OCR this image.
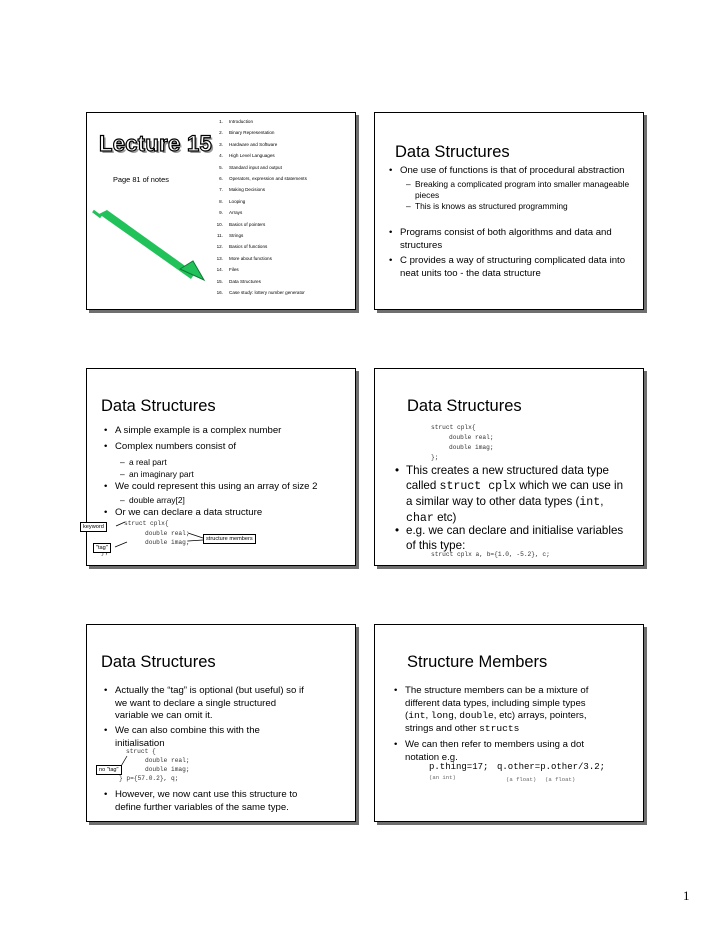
Lecture 15
Page 81 of notes
1. Introduction
2. Binary Representation
3. Hardware and Software
4. High Level Languages
5. Standard input and output
6. Operators, expression and statements
7. Making Decisions
8. Looping
9. Arrays
10. Basics of pointers
11. Strings
12. Basics of functions
13. More about functions
14. Files
15. Data Structures
16. Case study: lottery number generator
Data Structures
• One use of functions is that of procedural abstraction
– Breaking a complicated program into smaller manageable
pieces
– This is knows as structured programming
• Programs consist of both algorithms and data and
structures
• C provides a way of structuring complicated data into
neat units too - the data structure
Data Structures
• A simple example is a complex number
• Complex numbers consist of
– a real part
– an imaginary part
• We could represent this using an array of size 2
– double array[2]
• Or we can declare a data structure
struct cplx{
double real;
double imag;
keyword
structure members
"tag"
Data Structures
struct cplx{
double real;
double imag;
};
• This creates a new structured data type
called struct cplx which we can use in
a similar way to other data types (int,
char etc)
• e.g. we can declare and initialise variables
of this type:
struct cplx a, b={1.0, -5.2}, c;
Data Structures
• Actually the “tag” is optional (but useful) so if
we want to declare a single structured
variable we can omit it.
• We can also combine this with the
initialisation
struct {
double real;
double imag;
} p={57.0.2}, q;
no "tag"
• However, we now cant use this structure to
define further variables of the same type.
Structure Members
• The structure members can be a mixture of
different data types, including simple types
(int, long, double, etc) arrays, pointers,
strings and other structs
• We can then refer to members using a dot
notation e.g.
p.thing=17; q.other=p.other/3.2;
(an int)	(a float) (a float)
1
